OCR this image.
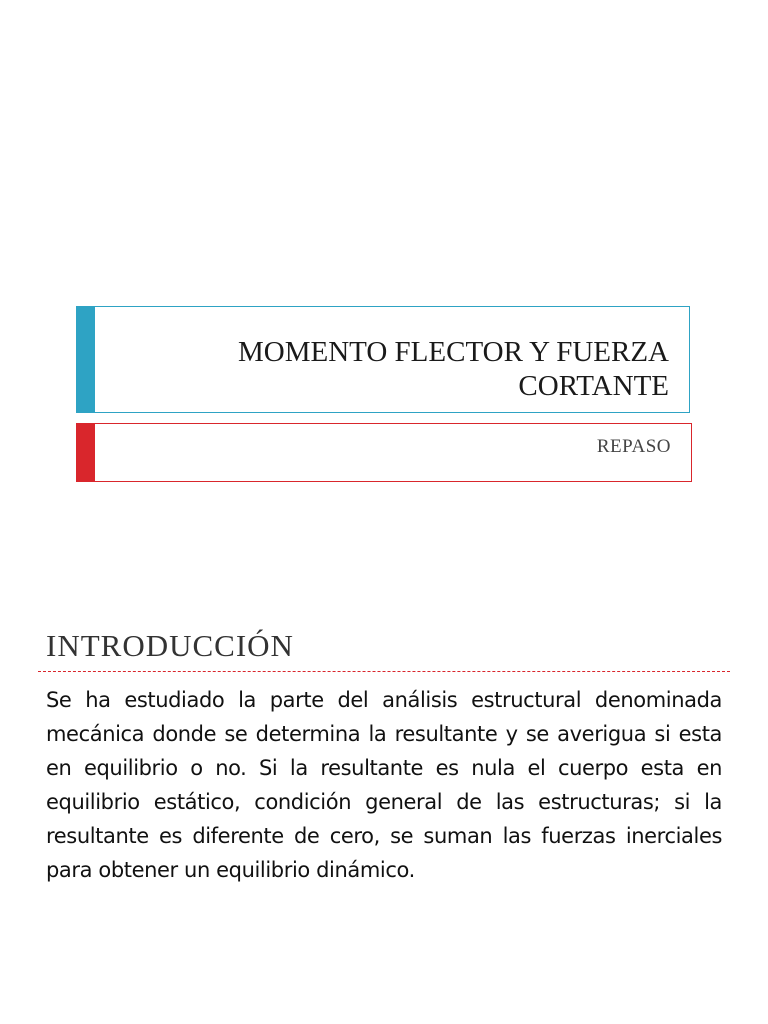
MOMENTO FLECTOR Y FUERZA CORTANTE

REPASO

INTRODUCCIÓN

Se ha estudiado la parte del análisis estructural denominada mecánica donde se determina la resultante y se averigua si esta en equilibrio o no. Si la resultante es nula el cuerpo esta en equilibrio estático, condición general de las estructuras; si la resultante es diferente de cero, se suman las fuerzas inerciales para obtener un equilibrio dinámico.
